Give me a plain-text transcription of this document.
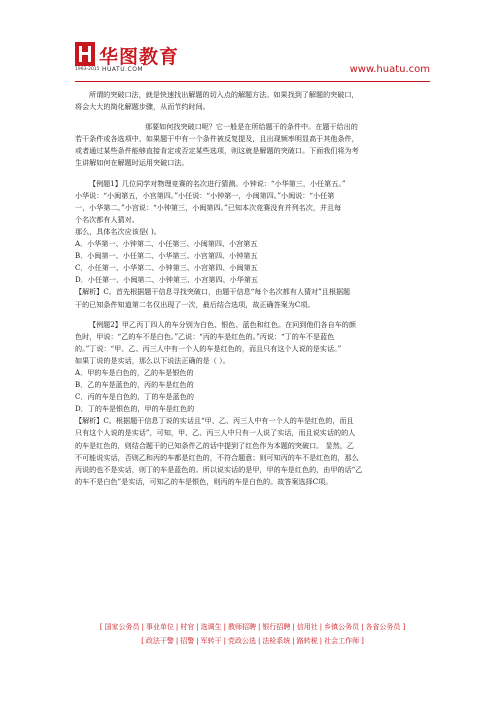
1993-2015
华图教育
HUATU.COM	www.huatu.com

所谓的突破口法，就是快速找出解题的切入点的解题方法。如果找到了解题的突破口，

将会大大的简化解题步骤，从而节约时间。

那要如何找突破口呢？它一般是在所给题干的条件中。在题干给出的

若干条件或各选项中，如果题干中有一个条件被反复提及，且出现频率明显高于其他条件，

或者通过某些条件能够直接肯定或否定某些选项，则这就是解题的突破口。下面我们将为考

生讲解如何在解题时运用突破口法。

【例题1】几位同学对物理竞赛的名次进行猜测。小钟说：“小华第三，小任第五。”

小华说：“小闽第五，小宫第四。”小任说：“小钟第一，小闽第四。”小闽说：“小任第

一，小华第二。”小宫说：“小钟第三，小闽第四。”已知本次竞赛没有并列名次，并且每

个名次都有人猜对。

那么，具体名次应该是( )。

A．小华第一、小钟第二、小任第三、小闽第四、小宫第五

B．小闽第一、小任第二、小华第三、小宫第四、小钟第五

C．小任第一、小华第二、小钟第三、小宫第四、小闽第五

D．小任第一、小闽第二、小钟第三、小宫第四、小华第五

【解析】C。首先根据题干信息寻找突破口，由题干信息“每个名次都有人猜对”且根据题

干的已知条件知道第二名仅出现了一次，最后结合选项，故正确答案为C项。

【例题2】甲乙丙丁四人的车分别为白色、银色、蓝色和红色。在问到他们各自车的颜

色时，甲说：“乙的车不是白色。”乙说：“丙的车是红色的。”丙说：“丁的车不是蓝色

的。”丁说：“甲、乙、丙三人中有一个人的车是红色的，而且只有这个人说的是实话。”

如果丁说的是实话，那么以下说法正确的是（ ）。

A．甲的车是白色的，乙的车是银色的

B．乙的车是蓝色的，丙的车是红色的

C．丙的车是白色的，丁的车是蓝色的

D．丁的车是银色的，甲的车是红色的

【解析】C。根据题干信息丁说的实话且“甲、乙、丙三人中有一个人的车是红色的，而且

只有这个人说的是实话”，可知，甲、乙、丙三人中只有一人说了实话，而且说实话的的人

的车是红色的，则结合题干的已知条件乙的话中提到了红色作为本题的突破口。 显然，乙

不可能说实话，否则乙和丙的车都是红色的，不符合题意；则可知丙的车不是红色的，那么

丙说的也不是实话，则丁的车是蓝色的。所以说实话的是甲，甲的车是红色的，由甲的话“乙

的车不是白色”是实话，可知乙的车是银色，则丙的车是白色的。故答案选择C项。

[ 国家公务员 | 事业单位 | 村官 | 选调生 | 教师招聘 | 银行招聘 | 信用社 | 乡镇公务员 | 各省公务员 ]
[ 政法干警 | 招警 | 军转干 | 党政公选 | 法检系统 | 路转税 | 社会工作师 ]
